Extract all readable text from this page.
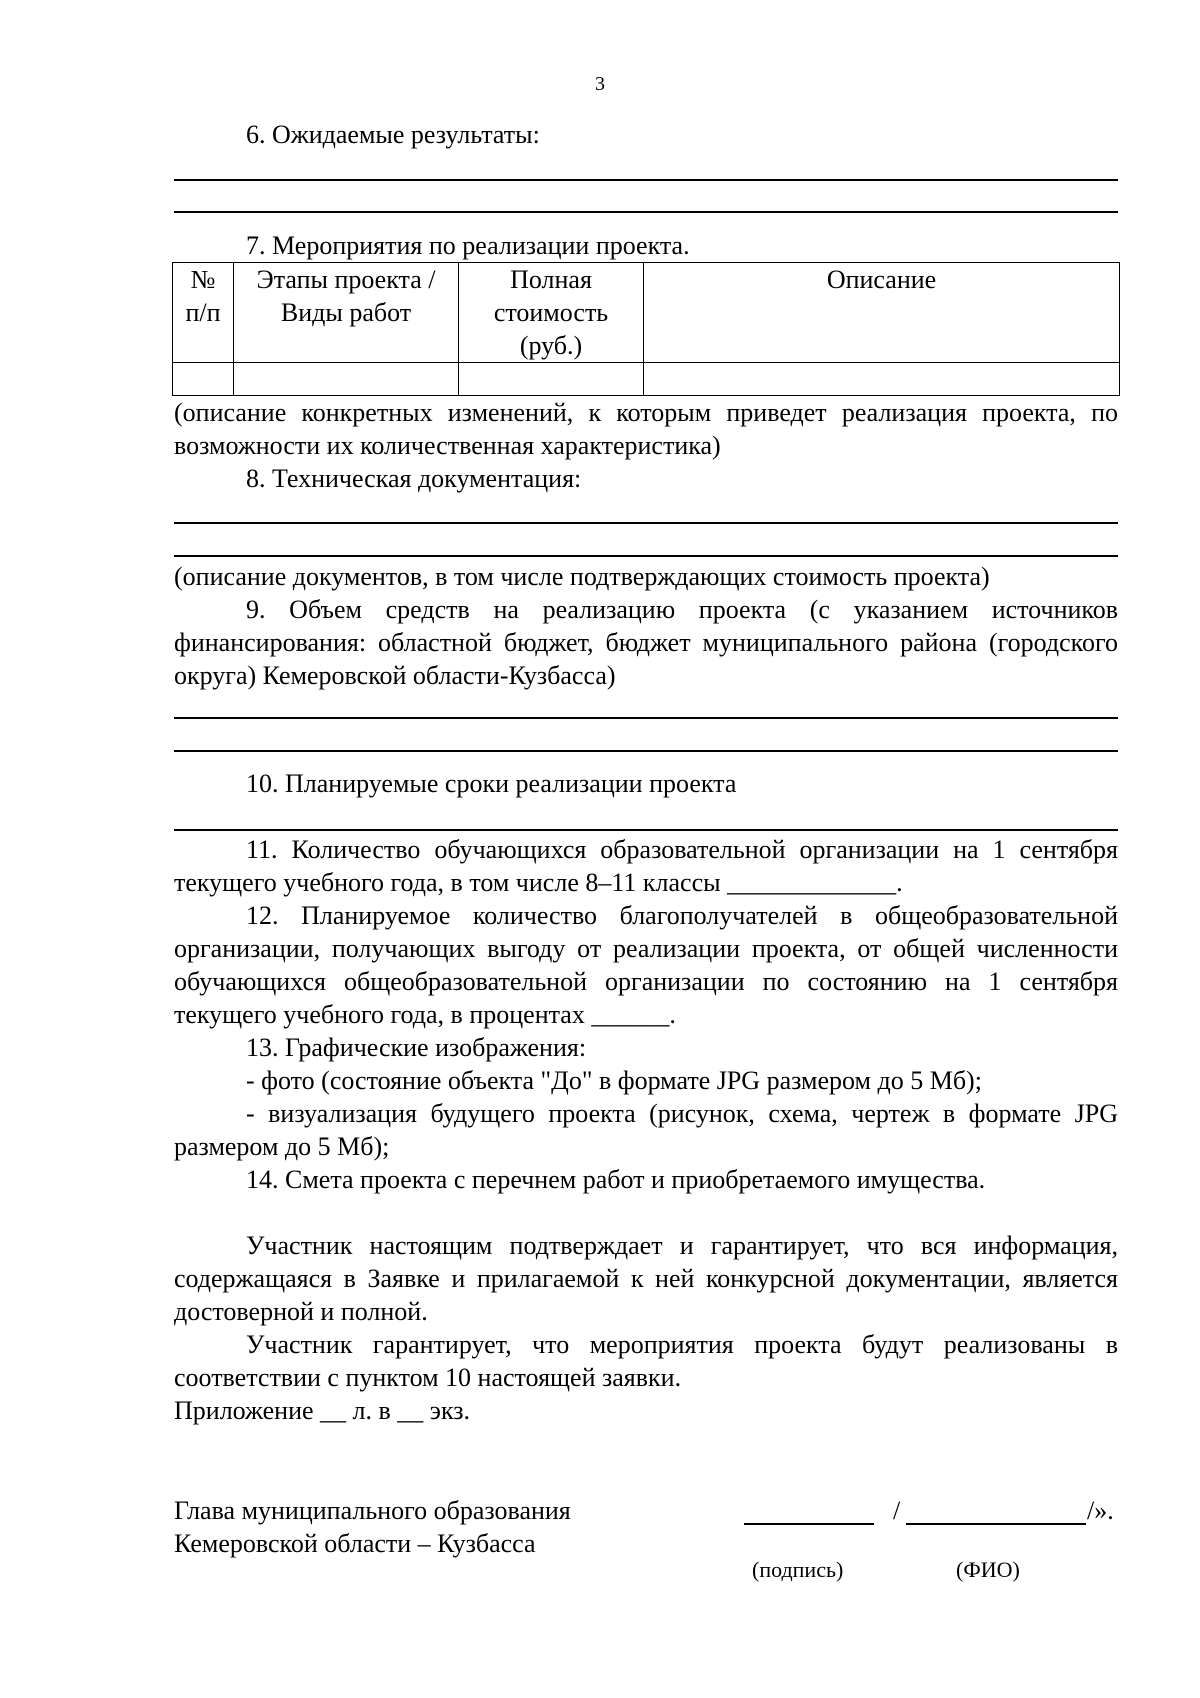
3
6. Ожидаемые результаты:
7. Мероприятия по реализации проекта.
№ п/п	Этапы проекта / Виды работ	Полная стоимость (руб.)	Описание

(описание конкретных изменений, к которым приведет реализация проекта, по возможности их количественная характеристика)

8. Техническая документация:

(описание документов, в том числе подтверждающих стоимость проекта)

9. Объем средств на реализацию проекта (с указанием источников финансирования: областной бюджет, бюджет муниципального района (городского округа) Кемеровской области-Кузбасса)

10. Планируемые сроки реализации проекта

11. Количество обучающихся образовательной организации на 1 сентября текущего учебного года, в том числе 8–11 классы _____________.

12. Планируемое количество благополучателей в общеобразовательной организации, получающих выгоду от реализации проекта, от общей численности обучающихся общеобразовательной организации по состоянию на 1 сентября текущего учебного года, в процентах ______.

13. Графические изображения:

- фото (состояние объекта "До" в формате JPG размером до 5 Мб);

- визуализация будущего проекта (рисунок, схема, чертеж в формате JPG размером до 5 Мб);

14. Смета проекта с перечнем работ и приобретаемого имущества.

Участник настоящим подтверждает и гарантирует, что вся информация, содержащаяся в Заявке и прилагаемой к ней конкурсной документации, является достоверной и полной.

Участник гарантирует, что мероприятия проекта будут реализованы в соответствии с пунктом 10 настоящей заявки.

Приложение __ л. в __ экз.

Глава муниципального образования
Кемеровской области – Кузбасса
/	/».
(подпись)	(ФИО)
